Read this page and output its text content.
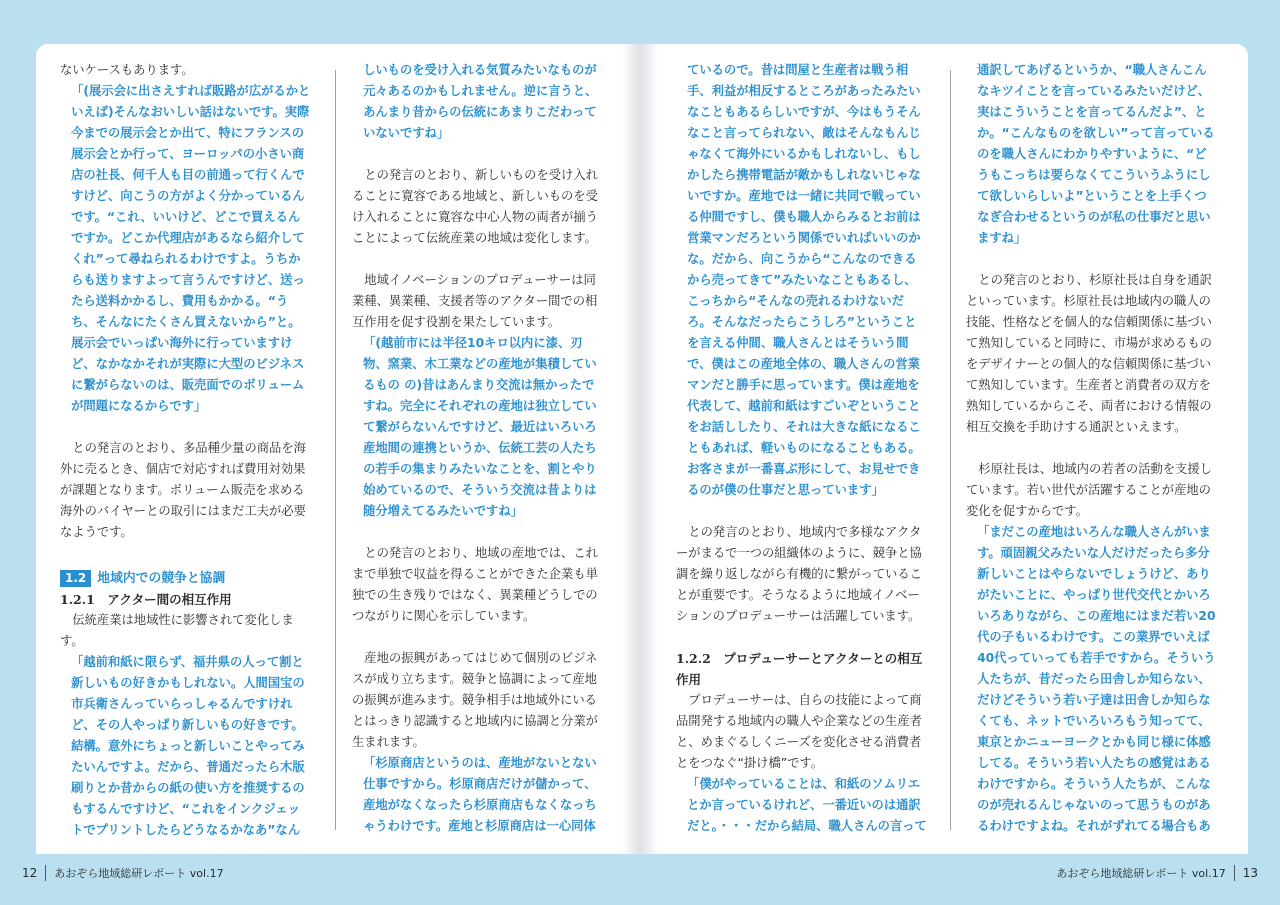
ないケースもあります。

「(展示会に出さえすれば販路が広がるかといえば)そんなおいしい話はないです。実際今までの展示会とか出て、特にフランスの展示会とか行って、ヨーロッパの小さい商店の社長、何千人も目の前通って行くんですけど、向こうの方がよく分かっているんです。“これ、いいけど、どこで買えるんですか。どこか代理店があるなら紹介してくれ”って尋ねられるわけですよ。うちからも送りますよって言うんですけど、送ったら送料かかるし、費用もかかる。“うち、そんなにたくさん買えないから”と。展示会でいっぱい海外に行っていますけど、なかなかそれが実際に大型のビジネスに繋がらないのは、販売面でのボリュームが問題になるからです」

との発言のとおり、多品種少量の商品を海外に売るとき、個店で対応すれば費用対効果が課題となります。ボリューム販売を求める海外のバイヤーとの取引にはまだ工夫が必要なようです。

1.2 地域内での競争と協調

1.2.1　アクター間の相互作用

伝統産業は地域性に影響されて変化します。

「越前和紙に限らず、福井県の人って割と新しいもの好きかもしれない。人間国宝の市兵衛さんっていらっしゃるんですけれど、その人やっぱり新しいもの好きです。結構。意外にちょっと新しいことやってみたいんですよ。だから、普通だったら木版刷りとか昔からの紙の使い方を推奨するのもするんですけど、“これをインクジェットでプリントしたらどうなるかなあ”なん

しいものを受け入れる気質みたいなものが元々あるのかもしれません。逆に言うと、あんまり昔からの伝統にあまりこだわっていないですね」

との発言のとおり、新しいものを受け入れることに寛容である地域と、新しいものを受け入れることに寛容な中心人物の両者が揃うことによって伝統産業の地域は変化します。

地域イノベーションのプロデューサーは同業種、異業種、支援者等のアクター間での相互作用を促す役割を果たしています。

「(越前市には半径10キロ以内に漆、刃物、窯業、木工業などの産地が集積しているもの の)昔はあんまり交流は無かったですね。完全にそれぞれの産地は独立していて繋がらないんですけど、最近はいろいろ産地間の連携というか、伝統工芸の人たちの若手の集まりみたいなことを、割とやり始めているので、そういう交流は昔よりは随分増えてるみたいですね」

との発言のとおり、地域の産地では、これまで単独で収益を得ることができた企業も単独での生き残りではなく、異業種どうしでのつながりに関心を示しています。

産地の振興があってはじめて個別のビジネスが成り立ちます。競争と協調によって産地の振興が進みます。競争相手は地域外にいるとはっきり認識すると地域内に協調と分業が生まれます。

「杉原商店というのは、産地がないとない仕事ですから。杉原商店だけが儲かって、産地がなくなったら杉原商店もなくなっちゃうわけです。産地と杉原商店は一心同体

ているので。昔は問屋と生産者は戦う相手、利益が相反するところがあったみたいなこともあるらしいですが、今はもうそんなこと言ってられない、敵はそんなもんじゃなくて海外にいるかもしれないし、もしかしたら携帯電話が敵かもしれないじゃないですか。産地では一緒に共同で戦っている仲間ですし、僕も職人からみるとお前は営業マンだろという関係でいればいいのかな。だから、向こうから“こんなのできるから売ってきて”みたいなこともあるし、こっちから“そんなの売れるわけないだろ。そんなだったらこうしろ”ということを言える仲間、職人さんとはそういう間で、僕はこの産地全体の、職人さんの営業マンだと勝手に思っています。僕は産地を代表して、越前和紙はすごいぞということをお話ししたり、それは大きな紙になることもあれば、軽いものになることもある。お客さまが一番喜ぶ形にして、お見せできるのが僕の仕事だと思っています」

との発言のとおり、地域内で多様なアクターがまるで一つの組織体のように、競争と協調を繰り返しながら有機的に繋がっていることが重要です。そうなるように地域イノベーションのプロデューサーは活躍しています。

1.2.2　プロデューサーとアクターとの相互作用

プロデューサーは、自らの技能によって商品開発する地域内の職人や企業などの生産者と、めまぐるしくニーズを変化させる消費者とをつなぐ“掛け橋”です。

「僕がやっていることは、和紙のソムリエとか言っているけれど、一番近いのは通訳だと。・・・だから結局、職人さんの言って

通訳してあげるというか、“職人さんこんなキツイことを言っているみたいだけど、実はこういうことを言ってるんだよ”、とか。“こんなものを欲しい”って言っているのを職人さんにわかりやすいように、“どうもこっちは要らなくてこういうふうにして欲しいらしいよ”ということを上手くつなぎ合わせるというのが私の仕事だと思いますね」

との発言のとおり、杉原社長は自身を通訳といっています。杉原社長は地域内の職人の技能、性格などを個人的な信頼関係に基づいて熟知していると同時に、市場が求めるものをデザイナーとの個人的な信頼関係に基づいて熟知しています。生産者と消費者の双方を熟知しているからこそ、両者における情報の相互交換を手助けする通訳といえます。

杉原社長は、地域内の若者の活動を支援しています。若い世代が活躍することが産地の変化を促すからです。

「まだこの産地はいろんな職人さんがいます。頑固親父みたいな人だけだったら多分新しいことはやらないでしょうけど、ありがたいことに、やっぱり世代交代とかいろいろありながら、この産地にはまだ若い20代の子もいるわけです。この業界でいえば40代っていっても若手ですから。そういう人たちが、昔だったら田舎しか知らない、だけどそういう若い子達は田舎しか知らなくても、ネットでいろいろもう知ってて、東京とかニューヨークとかも同じ様に体感してる。そういう若い人たちの感覚はあるわけですから。そういう人たちが、こんなのが売れるんじゃないのって思うものがあるわけですよね。それがずれてる場合もあ

12	あおぞら地域総研レポート vol.17	あおぞら地域総研レポート vol.17	13
